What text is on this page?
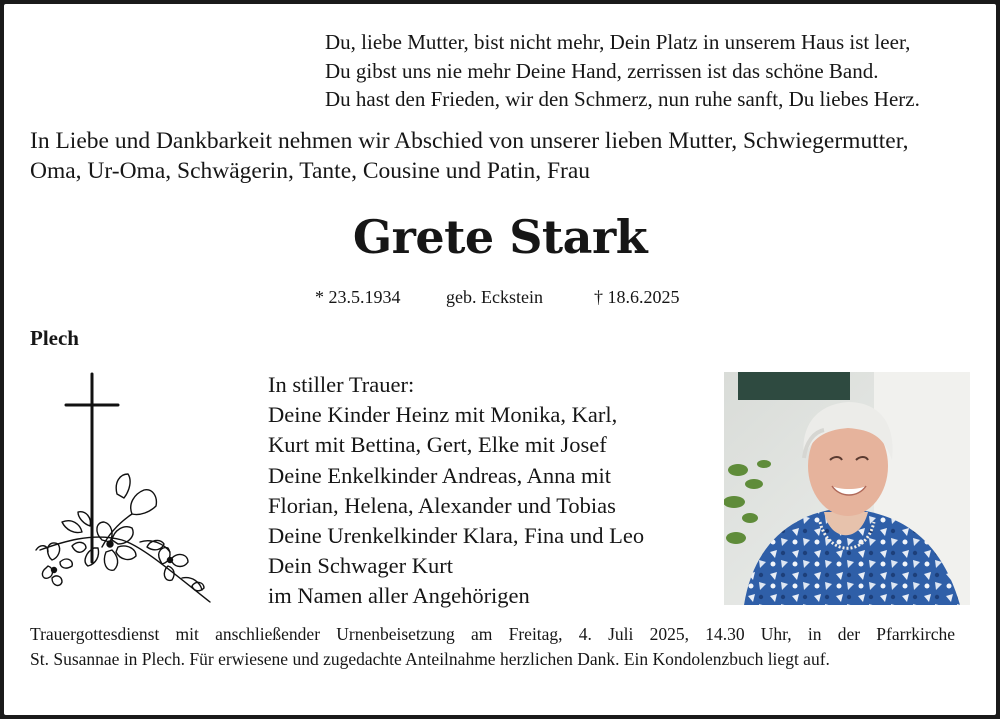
Du, liebe Mutter, bist nicht mehr, Dein Platz in unserem Haus ist leer,
Du gibst uns nie mehr Deine Hand, zerrissen ist das schöne Band.
Du hast den Frieden, wir den Schmerz, nun ruhe sanft, Du liebes Herz.
In Liebe und Dankbarkeit nehmen wir Abschied von unserer lieben Mutter, Schwiegermutter,
Oma, Ur-Oma, Schwägerin, Tante, Cousine und Patin, Frau
Grete Stark
* 23.5.1934	geb. Eckstein	† 18.6.2025
Plech
In stiller Trauer:
Deine Kinder Heinz mit Monika, Karl,
Kurt mit Bettina, Gert, Elke mit Josef
Deine Enkelkinder Andreas, Anna mit
Florian, Helena, Alexander und Tobias
Deine Urenkelkinder Klara, Fina und Leo
Dein Schwager Kurt
im Namen aller Angehörigen
Trauergottesdienst mit anschließender Urnenbeisetzung am Freitag, 4. Juli 2025, 14.30 Uhr, in der Pfarrkirche
St. Susannae in Plech. Für erwiesene und zugedachte Anteilnahme herzlichen Dank. Ein Kondolenzbuch liegt auf.
